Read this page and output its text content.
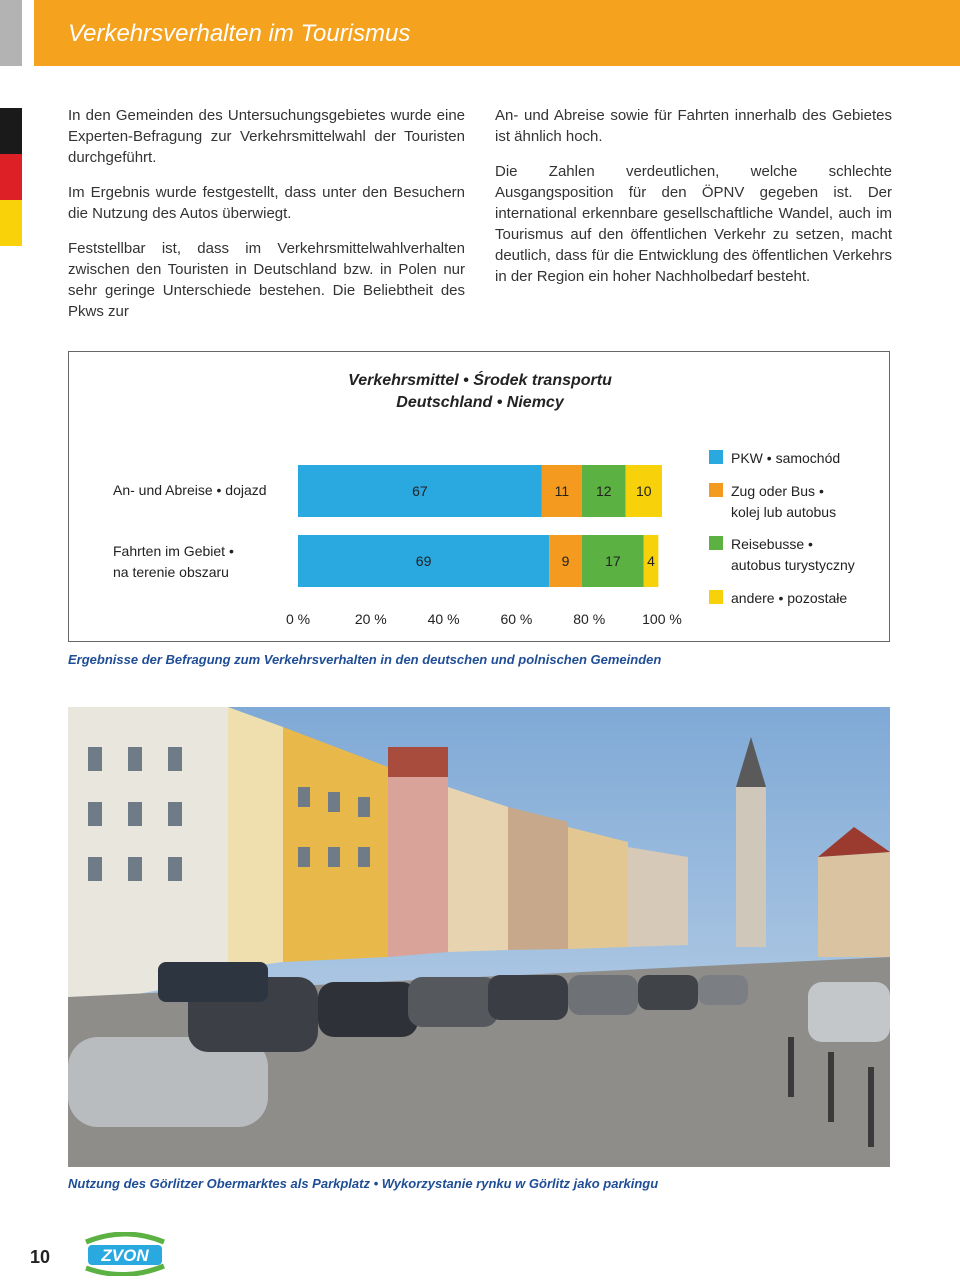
Verkehrsverhalten im Tourismus

In den Gemeinden des Untersuchungsgebietes wurde eine Experten-Befragung zur Verkehrsmittelwahl der Touristen durchgeführt.

Im Ergebnis wurde festgestellt, dass unter den Besuchern die Nutzung des Autos überwiegt.

Feststellbar ist, dass im Verkehrsmittelwahlverhalten zwischen den Touristen in Deutschland bzw. in Polen nur sehr geringe Unterschiede bestehen. Die Beliebtheit des Pkws zur

An- und Abreise sowie für Fahrten innerhalb des Gebietes ist ähnlich hoch.

Die Zahlen verdeutlichen, welche schlechte Ausgangsposition für den ÖPNV gegeben ist. Der international erkennbare gesellschaftliche Wandel, auch im Tourismus auf den öffentlichen Verkehr zu setzen, macht deutlich, dass für die Entwicklung des öffentlichen Verkehrs in der Region ein hoher Nachholbedarf besteht.

Verkehrsmittel • Środek transportu
Deutschland • Niemcy
An- und Abreise • dojazd
Fahrten im Gebiet •
na terenie obszaru
67	11 12 10
69	9	17 4
0 %	20 %	40 %	60 %	80 %	100 %
PKW • samochód
Zug oder Bus •
kolej lub autobus
Reisebusse •
autobus turystyczny
andere • pozostałe
Ergebnisse der Befragung zum Verkehrsverhalten in den deutschen und polnischen Gemeinden
Nutzung des Görlitzer Obermarktes als Parkplatz • Wykorzystanie rynku w Görlitz jako parkingu
10	ZVON
